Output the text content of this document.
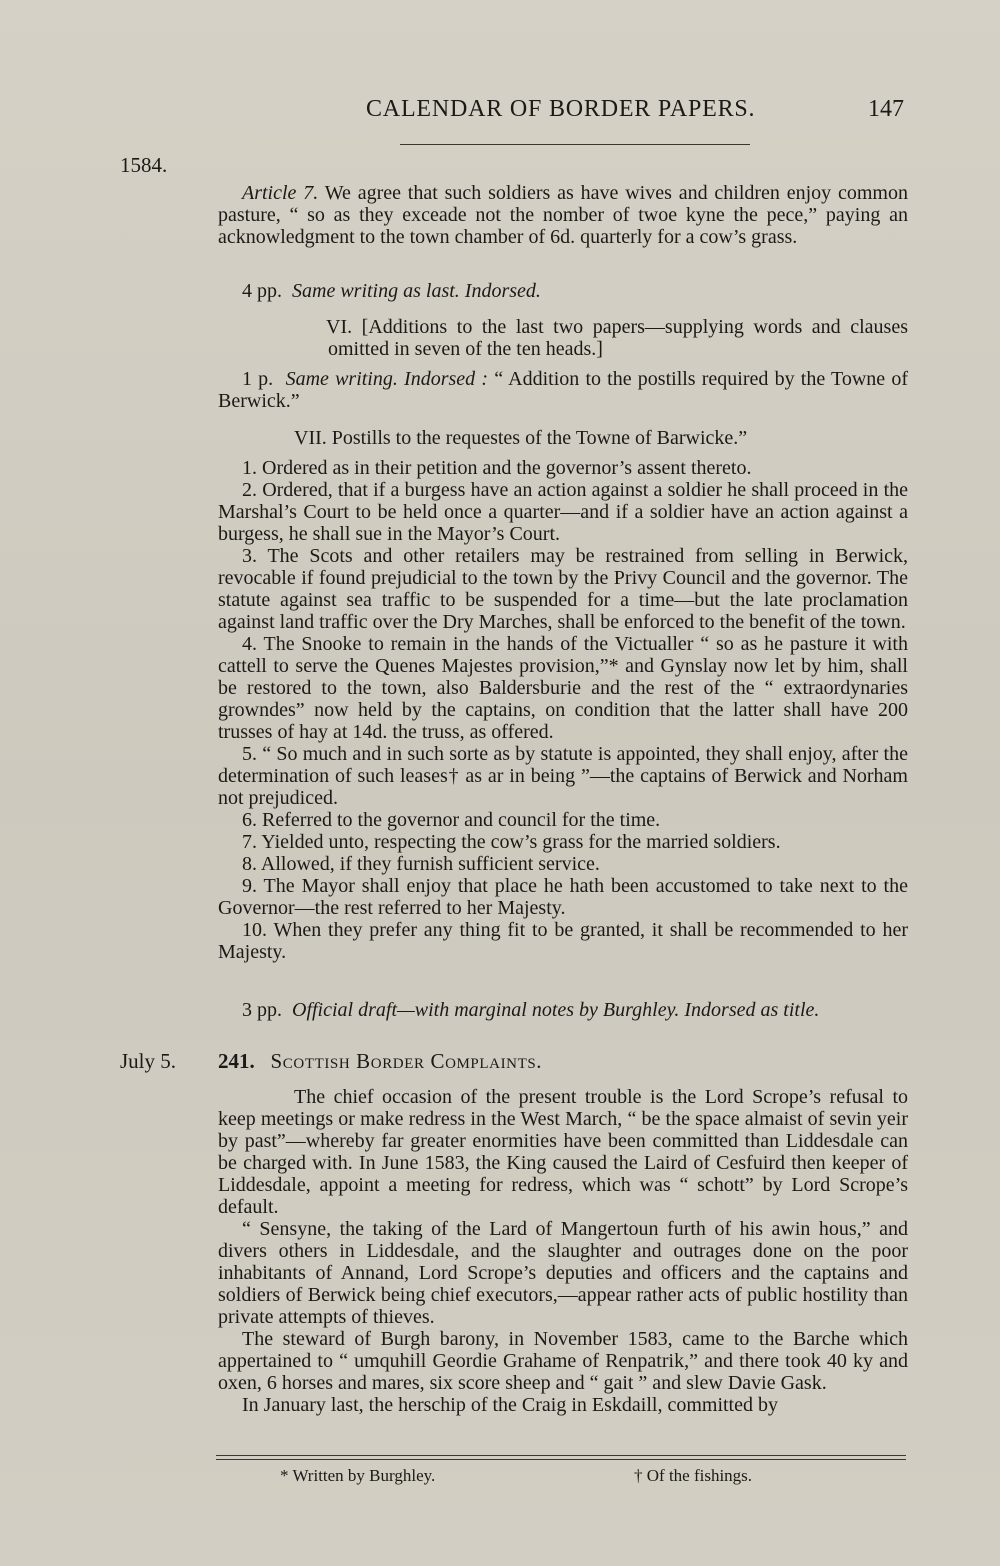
CALENDAR OF BORDER PAPERS.	147
1584.

Article 7. We agree that such soldiers as have wives and children enjoy common pasture, “ so as they exceade not the nomber of twoe kyne the pece,” paying an acknowledgment to the town chamber of 6d. quarterly for a cow’s grass.

4 pp. Same writing as last. Indorsed.

VI. [Additions to the last two papers—supplying words and clauses omitted in seven of the ten heads.]

1 p. Same writing. Indorsed : “ Addition to the postills required by the Towne of Berwick.”

VII. Postills to the requestes of the Towne of Barwicke.”

1. Ordered as in their petition and the governor’s assent thereto.

2. Ordered, that if a burgess have an action against a soldier he shall proceed in the Marshal’s Court to be held once a quarter—and if a soldier have an action against a burgess, he shall sue in the Mayor’s Court.

3. The Scots and other retailers may be restrained from selling in Berwick, revocable if found prejudicial to the town by the Privy Council and the governor. The statute against sea traffic to be suspended for a time—but the late proclamation against land traffic over the Dry Marches, shall be enforced to the benefit of the town.

4. The Snooke to remain in the hands of the Victualler “ so as he pasture it with cattell to serve the Quenes Majestes provision,”* and Gynslay now let by him, shall be restored to the town, also Baldersburie and the rest of the “ extraordynaries growndes” now held by the captains, on condition that the latter shall have 200 trusses of hay at 14d. the truss, as offered.

5. “ So much and in such sorte as by statute is appointed, they shall enjoy, after the determination of such leases† as ar in being ”—the captains of Berwick and Norham not prejudiced.

6. Referred to the governor and council for the time.

7. Yielded unto, respecting the cow’s grass for the married soldiers.

8. Allowed, if they furnish sufficient service.

9. The Mayor shall enjoy that place he hath been accustomed to take next to the Governor—the rest referred to her Majesty.

10. When they prefer any thing fit to be granted, it shall be recommended to her Majesty.

3 pp. Official draft—with marginal notes by Burghley. Indorsed as title.

July 5. 241. Scottish Border Complaints.

The chief occasion of the present trouble is the Lord Scrope’s refusal to keep meetings or make redress in the West March, “ be the space almaist of sevin yeir by past”—whereby far greater enormities have been committed than Liddesdale can be charged with. In June 1583, the King caused the Laird of Cesfuird then keeper of Liddesdale, appoint a meeting for redress, which was “ schott” by Lord Scrope’s default.

“ Sensyne, the taking of the Lard of Mangertoun furth of his awin hous,” and divers others in Liddesdale, and the slaughter and outrages done on the poor inhabitants of Annand, Lord Scrope’s deputies and officers and the captains and soldiers of Berwick being chief executors,—appear rather acts of public hostility than private attempts of thieves.

The steward of Burgh barony, in November 1583, came to the Barche which appertained to “ umquhill Geordie Grahame of Renpatrik,” and there took 40 ky and oxen, 6 horses and mares, six score sheep and “ gait ” and slew Davie Gask.

In January last, the herschip of the Craig in Eskdaill, committed by

* Written by Burghley.	† Of the fishings.
